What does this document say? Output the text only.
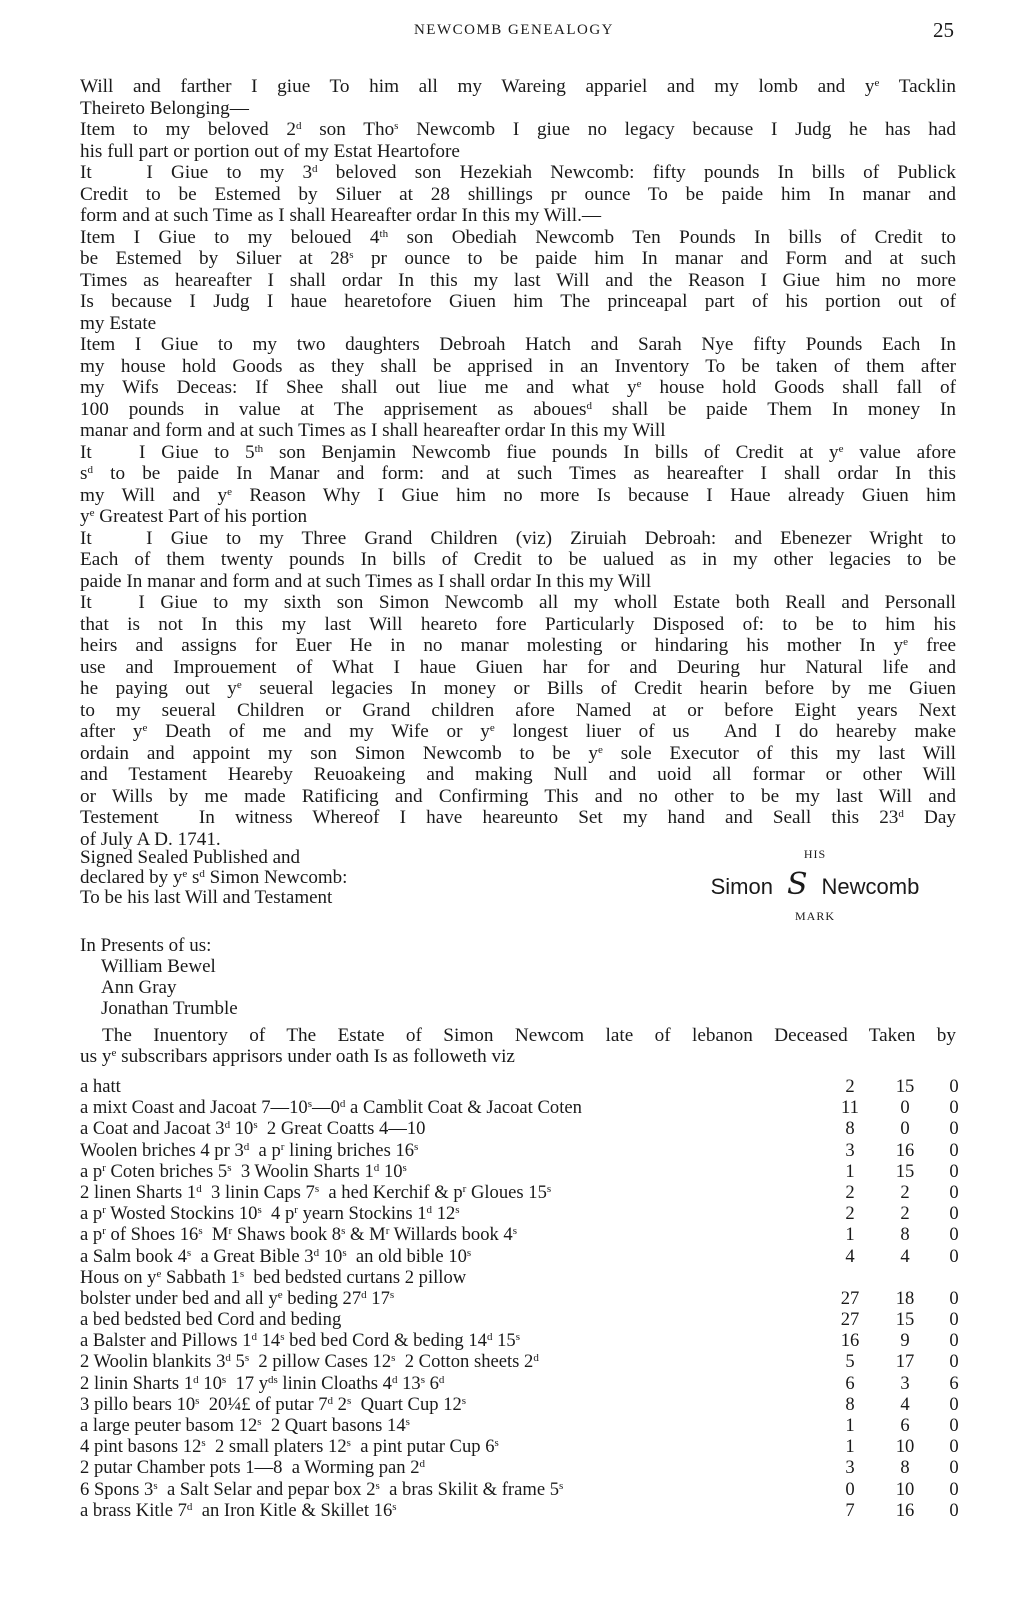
NEWCOMB GENEALOGY	25
Will and farther I giue To him all my Wareing appariel and my lomb and $y^e$ Tacklin
Theireto Belonging—
Item to my beloved 2$^d$ son Tho$^s$ Newcomb I giue no legacy because I Judg he has had
his full part or portion out of my Estat Heartofore
It   I Giue to my 3$^d$ beloved son Hezekiah Newcomb: fifty pounds In bills of Publick
Credit to be Estemed by Siluer at 28 shillings pr ounce To be paide him In manar and
form and at such Time as I shall Heareafter ordar In this my Will.—
Item I Giue to my beloued 4th son Obediah Newcomb Ten Pounds In bills of Credit to
be Estemed by Siluer at 28$^s$ pr ounce to be paide him In manar and Form and at such
Times as heareafter I shall ordar In this my last Will and the Reason I Giue him no more
Is because I Judg I haue hearetofore Giuen him The princeapal part of his portion out of
my Estate
Item I Giue to my two daughters Debroah Hatch and Sarah Nye fifty Pounds Each In
my house hold Goods as they shall be apprised in an Inventory To be taken of them after
my Wifs Deceas: If Shee shall out liue me and what $y^e$ house hold Goods shall fall of
100 pounds in value at The apprisement as aboues$^d$ shall be paide Them In money In
manar and form and at such Times as I shall heareafter ordar In this my Will
It   I Giue to 5th son Benjamin Newcomb fiue pounds In bills of Credit at $y^e$ value afore
$s^d$ to be paide In Manar and form: and at such Times as heareafter I shall ordar In this
my Will and $y^e$ Reason Why I Giue him no more Is because I Haue already Giuen him
$y^e$ Greatest Part of his portion
It   I Giue to my Three Grand Children (viz) Ziruiah Debroah: and Ebenezer Wright to
Each of them twenty pounds In bills of Credit to be ualued as in my other legacies to be
paide In manar and form and at such Times as I shall ordar In this my Will
It   I Giue to my sixth son Simon Newcomb all my wholl Estate both Reall and Personall
that is not In this my last Will heareto fore Particularly Disposed of: to be to him his
heirs and assigns for Euer He in no manar molesting or hindaring his mother In $y^e$ free
use and Improuement of What I haue Giuen har for and Deuring hur Natural life and
he paying out $y^e$ seueral legacies In money or Bills of Credit hearin before by me Giuen
to my seueral Children or Grand children afore Named at or before Eight years Next
after $y^e$ Death of me and my Wife or $y^e$ longest liuer of us  And I do heareby make
ordain and appoint my son Simon Newcomb to be $y^e$ sole Executor of this my last Will
and Testament Heareby Reuoakeing and making Null and uoid all formar or other Will
or Wills by me made Ratificing and Confirming This and no other to be my last Will and
Testement  In witness Whereof I have heareunto Set my hand and Seall this 23$^d$ Day
of July A D. 1741.
Signed Sealed Published and
declared by $y^e$ $s^d$ Simon Newcomb:
To be his last Will and Testament
HIS
Simon S Newcomb
MARK
In Presents of us:
William Bewel
Ann Gray
Jonathan Trumble
The Inuentory of The Estate of Simon Newcom late of lebanon Deceased Taken by
us $y^e$ subscribars apprisors under oath Is as followeth viz
a hatt	2	15	0
a mixt Coast and Jacoat 7—10$^s$—0$^d$ a Camblit Coat & Jacoat Coten	11	0	0
a Coat and Jacoat 3$^d$ 10$^s$  2 Great Coatts 4—10	8	0	0
Woolen briches 4 pr 3$^d$  a $p^r$ lining briches 16$^s$	3	16	0
a $p^r$ Coten briches 5$^s$  3 Woolin Sharts 1$^d$ 10$^s$	1	15	0
2 linen Sharts 1$^d$  3 linin Caps 7$^s$  a hed Kerchif & $p^r$ Gloues 15$^s$	2	2	0
a $p^r$ Wosted Stockins 10$^s$  4 $p^r$ yearn Stockins 1$^d$ 12$^s$	2	2	0
a $p^r$ of Shoes 16$^s$  $M^r$ Shaws book 8$^s$ & $M^r$ Willards book 4$^s$	1	8	0
a Salm book 4$^s$  a Great Bible 3$^d$ 10$^s$  an old bible 10$^s$	4	4	0
Hous on $y^e$ Sabbath 1$^s$  bed bedsted curtans 2 pillow
bolster under bed and all $y^e$ beding 27$^d$ 17$^s$	27	18	0
a bed bedsted bed Cord and beding	27	15	0
a Balster and Pillows 1$^d$ 14$^s$ bed bed Cord & beding 14$^d$ 15$^s$	16	9	0
2 Woolin blankits 3$^d$ 5$^s$  2 pillow Cases 12$^s$  2 Cotton sheets 2$^d$	5	17	0
2 linin Sharts 1$^d$ 10$^s$  17 $y^{ds}$ linin Cloaths 4$^d$ 13$^s$ 6$^d$	6	3	6
3 pillo bears 10$^s$  20¼£ of putar 7$^d$ 2$^s$  Quart Cup 12$^s$	8	4	0
a large peuter basom 12$^s$  2 Quart basons 14$^s$	1	6	0
4 pint basons 12$^s$  2 small platers 12$^s$  a pint putar Cup 6$^s$	1	10	0
2 putar Chamber pots 1—8  a Worming pan 2$^d$	3	8	0
6 Spons 3$^s$  a Salt Selar and pepar box 2$^s$  a bras Skilit & frame 5$^s$	0	10	0
a brass Kitle 7$^d$  an Iron Kitle & Skillet 16$^s$	7	16	0
